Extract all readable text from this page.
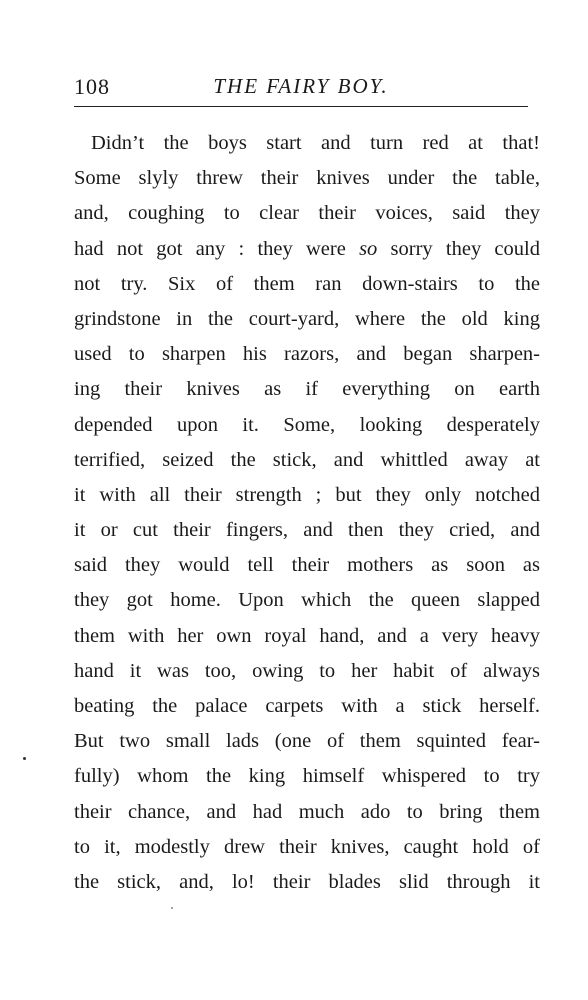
108	THE FAIRY BOY.
Didn’t the boys start and turn red at that!
Some slyly threw their knives under the table,
and, coughing to clear their voices, said they
had not got any : they were so sorry they could
not try. Six of them ran down-stairs to the
grindstone in the court-yard, where the old king
used to sharpen his razors, and began sharpen-
ing their knives as if everything on earth
depended upon it. Some, looking desperately
terrified, seized the stick, and whittled away at
it with all their strength ; but they only notched
it or cut their fingers, and then they cried, and
said they would tell their mothers as soon as
they got home. Upon which the queen slapped
them with her own royal hand, and a very heavy
hand it was too, owing to her habit of always
beating the palace carpets with a stick herself.
But two small lads (one of them squinted fear-
fully) whom the king himself whispered to try
their chance, and had much ado to bring them
to it, modestly drew their knives, caught hold of
the stick, and, lo! their blades slid through it
